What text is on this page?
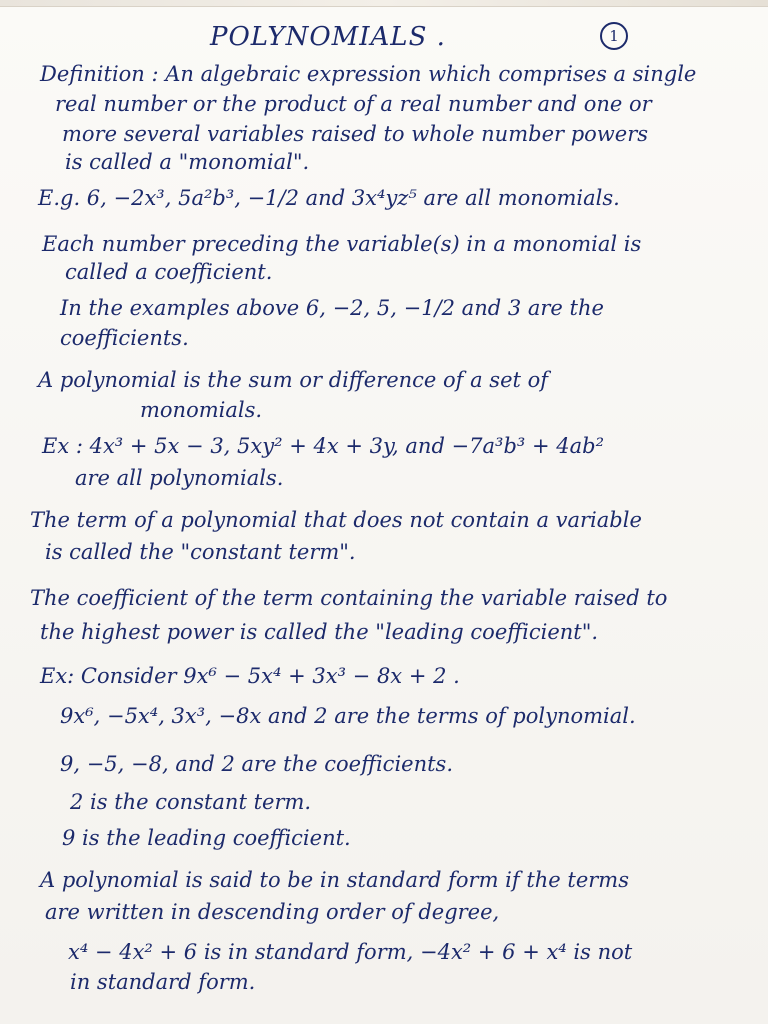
POLYNOMIALS .	1
Definition : An algebraic expression which comprises a single
real number or the product of a real number and one or
more several variables raised to whole number powers
is called a "monomial".
E.g. 6, −2x³, 5a²b³, −1/2 and 3x⁴yz⁵ are all monomials.
Each number preceding the variable(s) in a monomial is
called a coefficient.
In the examples above 6, −2, 5, −1/2 and 3 are the
coefficients.
A polynomial is the sum or difference of a set of
monomials.
Ex : 4x³ + 5x − 3, 5xy² + 4x + 3y, and −7a³b³ + 4ab²
are all polynomials.
The term of a polynomial that does not contain a variable
is called the "constant term".
The coefficient of the term containing the variable raised to
the highest power is called the "leading coefficient".
Ex: Consider 9x⁶ − 5x⁴ + 3x³ − 8x + 2 .
9x⁶, −5x⁴, 3x³, −8x and 2 are the terms of polynomial.
9, −5, −8, and 2 are the coefficients.
2 is the constant term.
9 is the leading coefficient.
A polynomial is said to be in standard form if the terms
are written in descending order of degree,
x⁴ − 4x² + 6 is in standard form, −4x² + 6 + x⁴ is not
in standard form.
